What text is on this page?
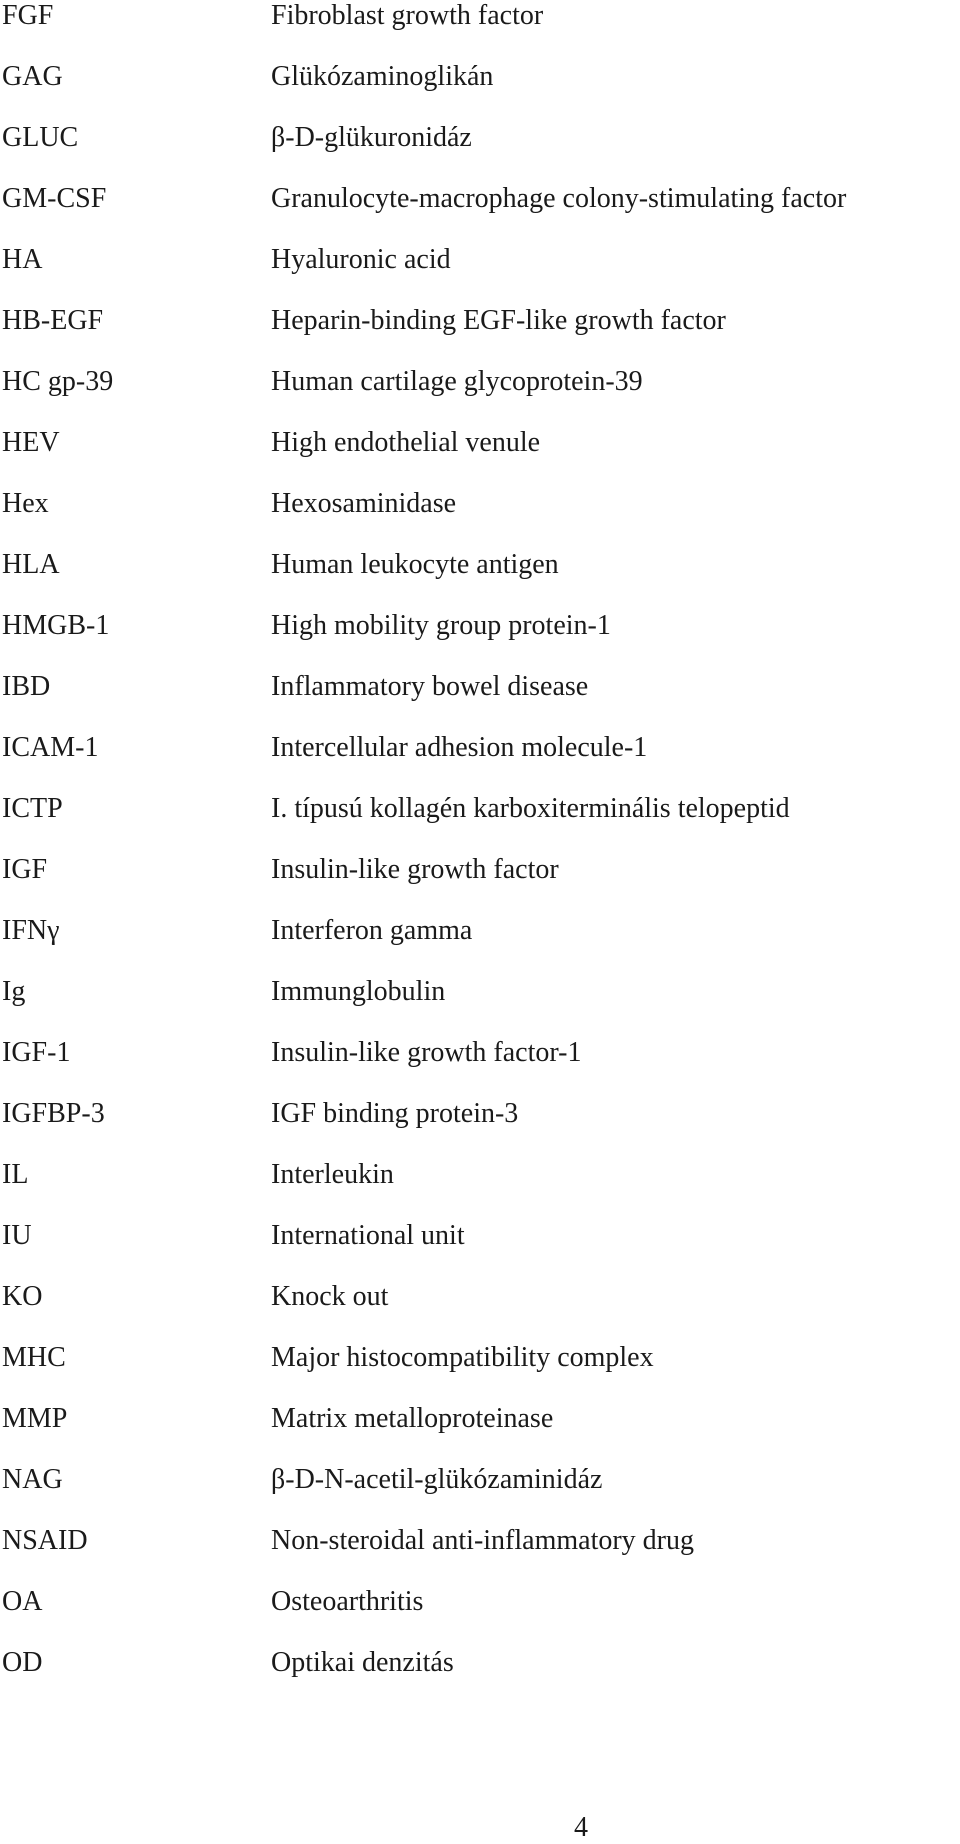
FGF	Fibroblast growth factor
GAG	Glükózaminoglikán
GLUC	β-D-glükuronidáz
GM-CSF	Granulocyte-macrophage colony-stimulating factor
HA	Hyaluronic acid
HB-EGF	Heparin-binding EGF-like growth factor
HC gp-39	Human cartilage glycoprotein-39
HEV	High endothelial venule
Hex	Hexosaminidase
HLA	Human leukocyte antigen
HMGB-1	High mobility group protein-1
IBD	Inflammatory bowel disease
ICAM-1	Intercellular adhesion molecule-1
ICTP	I. típusú kollagén karboxiterminális telopeptid
IGF	Insulin-like growth factor
IFNγ	Interferon gamma
Ig	Immunglobulin
IGF-1	Insulin-like growth factor-1
IGFBP-3	IGF binding protein-3
IL	Interleukin
IU	International unit
KO	Knock out
MHC	Major histocompatibility complex
MMP	Matrix metalloproteinase
NAG	β-D-N-acetil-glükózaminidáz
NSAID	Non-steroidal anti-inflammatory drug
OA	Osteoarthritis
OD	Optikai denzitás
4
